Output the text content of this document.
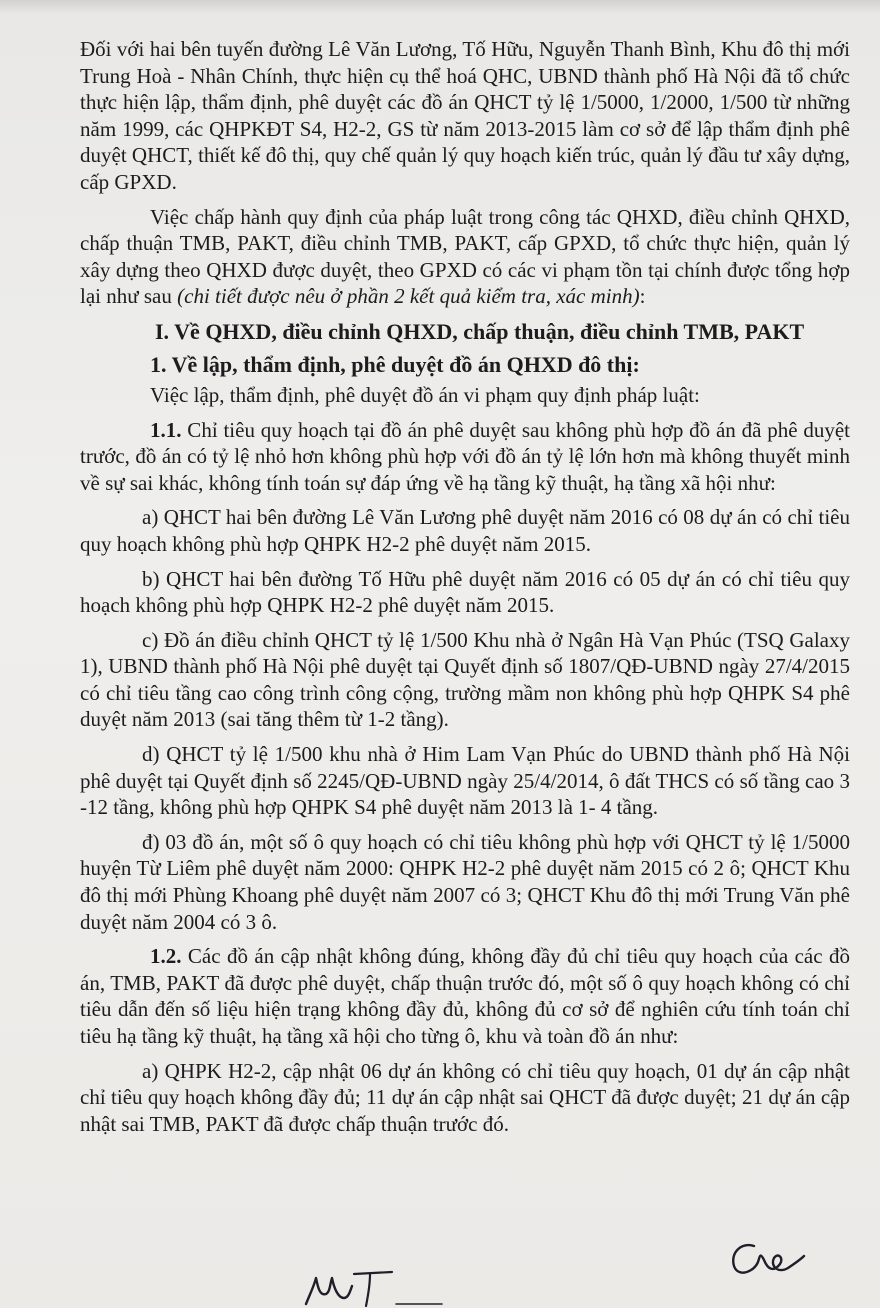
Đối với hai bên tuyến đường Lê Văn Lương, Tố Hữu, Nguyễn Thanh Bình, Khu đô thị mới Trung Hoà - Nhân Chính, thực hiện cụ thể hoá QHC, UBND thành phố Hà Nội đã tổ chức thực hiện lập, thẩm định, phê duyệt các đồ án QHCT tỷ lệ 1/5000, 1/2000, 1/500 từ những năm 1999, các QHPKĐT S4, H2-2, GS từ năm 2013-2015 làm cơ sở để lập thẩm định phê duyệt QHCT, thiết kế đô thị, quy chế quản lý quy hoạch kiến trúc, quản lý đầu tư xây dựng, cấp GPXD.

Việc chấp hành quy định của pháp luật trong công tác QHXD, điều chỉnh QHXD, chấp thuận TMB, PAKT, điều chỉnh TMB, PAKT, cấp GPXD, tổ chức thực hiện, quản lý xây dựng theo QHXD được duyệt, theo GPXD có các vi phạm tồn tại chính được tổng hợp lại như sau (chi tiết được nêu ở phần 2 kết quả kiểm tra, xác minh):

I. Về QHXD, điều chỉnh QHXD, chấp thuận, điều chỉnh TMB, PAKT
1. Về lập, thẩm định, phê duyệt đồ án QHXD đô thị:

Việc lập, thẩm định, phê duyệt đồ án vi phạm quy định pháp luật:

1.1. Chỉ tiêu quy hoạch tại đồ án phê duyệt sau không phù hợp đồ án đã phê duyệt trước, đồ án có tỷ lệ nhỏ hơn không phù hợp với đồ án tỷ lệ lớn hơn mà không thuyết minh về sự sai khác, không tính toán sự đáp ứng về hạ tầng kỹ thuật, hạ tầng xã hội như:

a) QHCT hai bên đường Lê Văn Lương phê duyệt năm 2016 có 08 dự án có chỉ tiêu quy hoạch không phù hợp QHPK H2-2 phê duyệt năm 2015.

b) QHCT hai bên đường Tố Hữu phê duyệt năm 2016 có 05 dự án có chỉ tiêu quy hoạch không phù hợp QHPK H2-2 phê duyệt năm 2015.

c) Đồ án điều chỉnh QHCT tỷ lệ 1/500 Khu nhà ở Ngân Hà Vạn Phúc (TSQ Galaxy 1), UBND thành phố Hà Nội phê duyệt tại Quyết định số 1807/QĐ-UBND ngày 27/4/2015 có chỉ tiêu tầng cao công trình công cộng, trường mầm non không phù hợp QHPK S4 phê duyệt năm 2013 (sai tăng thêm từ 1-2 tầng).

d) QHCT tỷ lệ 1/500 khu nhà ở Him Lam Vạn Phúc do UBND thành phố Hà Nội phê duyệt tại Quyết định số 2245/QĐ-UBND ngày 25/4/2014, ô đất THCS có số tầng cao 3 -12 tầng, không phù hợp QHPK S4 phê duyệt năm 2013 là 1- 4 tầng.

đ) 03 đồ án, một số ô quy hoạch có chỉ tiêu không phù hợp với QHCT tỷ lệ 1/5000 huyện Từ Liêm phê duyệt năm 2000: QHPK H2-2 phê duyệt năm 2015 có 2 ô; QHCT Khu đô thị mới Phùng Khoang phê duyệt năm 2007 có 3; QHCT Khu đô thị mới Trung Văn phê duyệt năm 2004 có 3 ô.

1.2. Các đồ án cập nhật không đúng, không đầy đủ chỉ tiêu quy hoạch của các đồ án, TMB, PAKT đã được phê duyệt, chấp thuận trước đó, một số ô quy hoạch không có chỉ tiêu dẫn đến số liệu hiện trạng không đầy đủ, không đủ cơ sở để nghiên cứu tính toán chỉ tiêu hạ tầng kỹ thuật, hạ tầng xã hội cho từng ô, khu và toàn đồ án như:

a) QHPK H2-2, cập nhật 06 dự án không có chỉ tiêu quy hoạch, 01 dự án cập nhật chỉ tiêu quy hoạch không đầy đủ; 11 dự án cập nhật sai QHCT đã được duyệt; 21 dự án cập nhật sai TMB, PAKT đã được chấp thuận trước đó.
